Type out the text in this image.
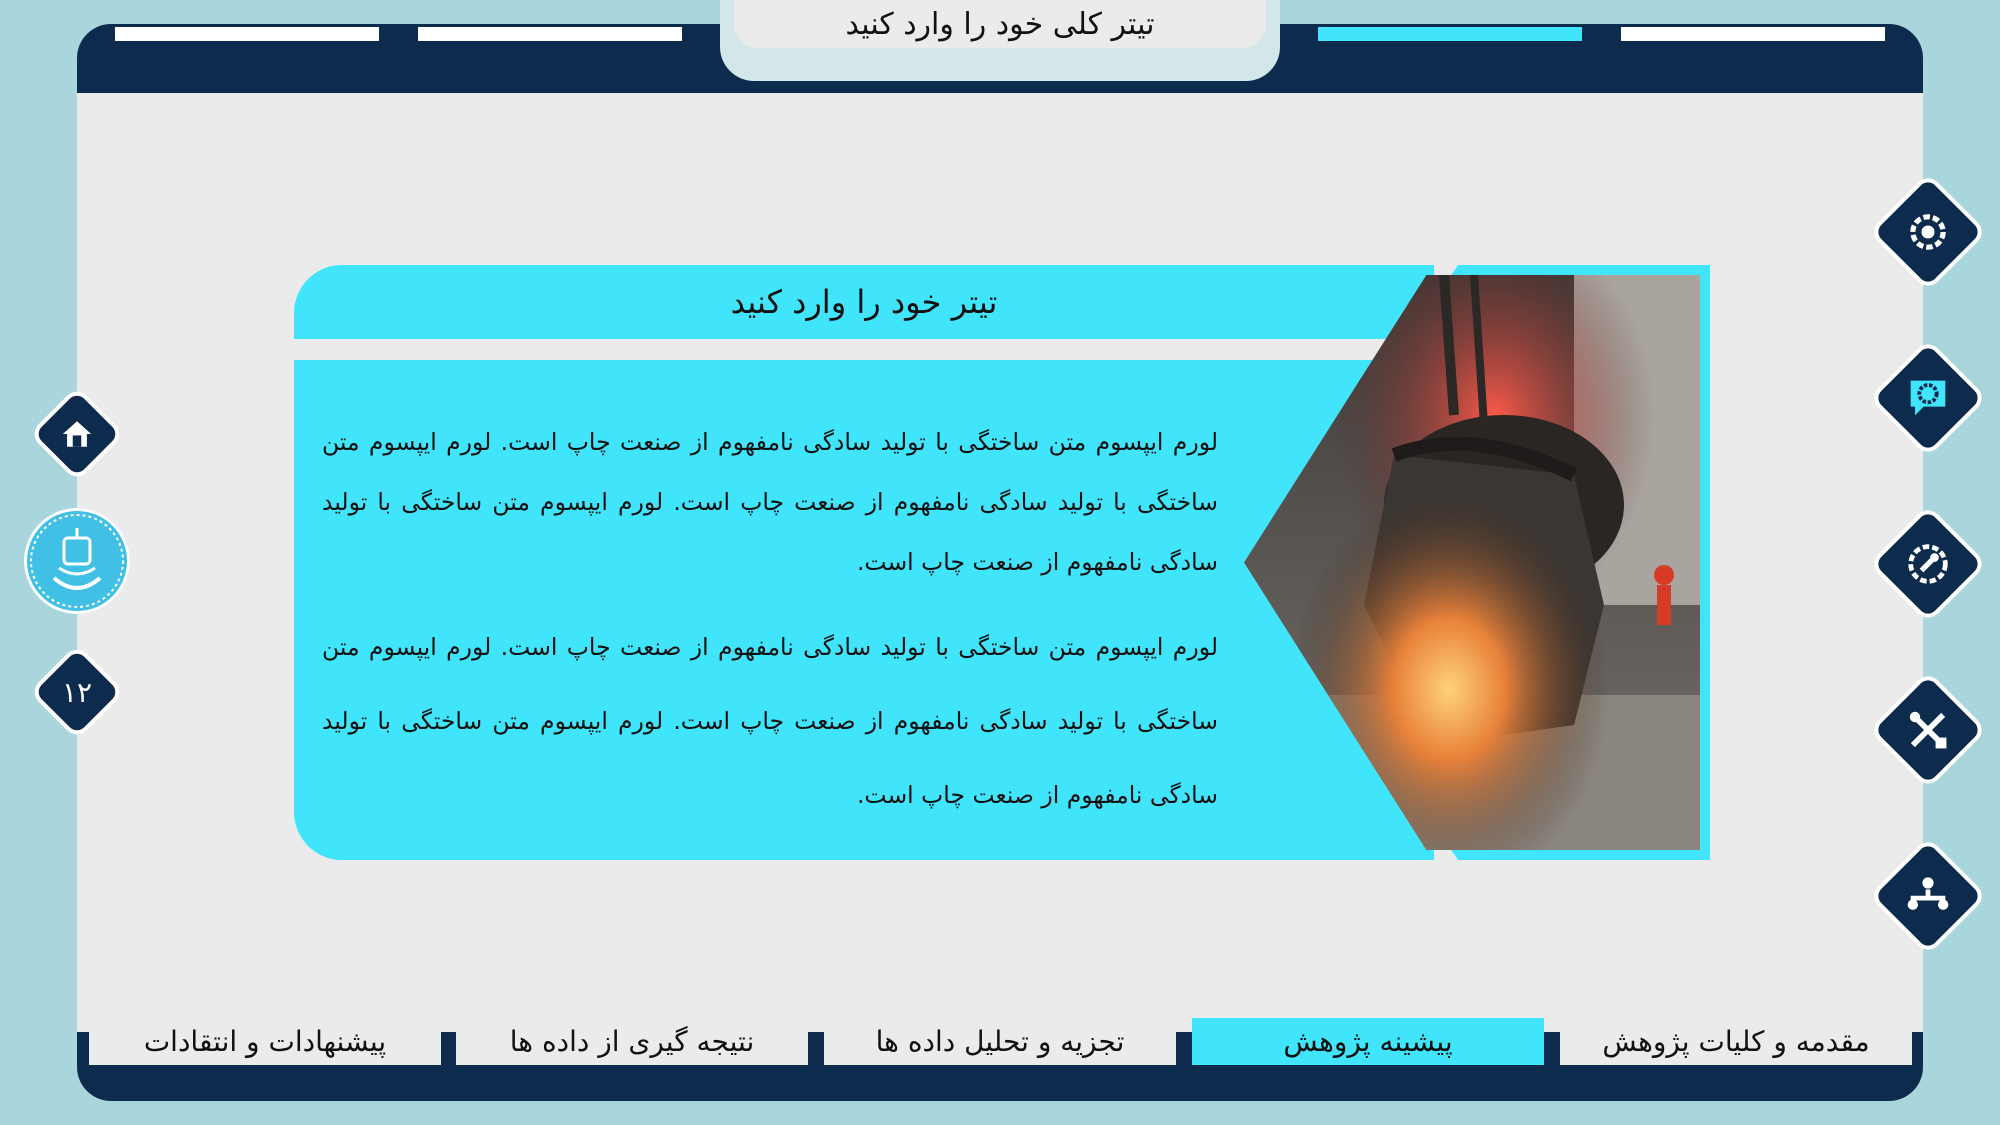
تیتر کلی خود را وارد کنید
تیتر خود را وارد کنید

لورم ایپسوم متن ساختگی با تولید سادگی نامفهوم از صنعت چاپ است. لورم ایپسوم متن ساختگی با تولید سادگی نامفهوم از صنعت چاپ است. لورم ایپسوم متن ساختگی با تولید سادگی نامفهوم از صنعت چاپ است.

لورم ایپسوم متن ساختگی با تولید سادگی نامفهوم از صنعت چاپ است. لورم ایپسوم متن ساختگی با تولید سادگی نامفهوم از صنعت چاپ است. لورم ایپسوم متن ساختگی با تولید سادگی نامفهوم از صنعت چاپ است.

مقدمه و کلیات پژوهش
پیشینه پژوهش
تجزیه و تحلیل داده ها
نتیجه گیری از داده ها
پیشنهادات و انتقادات
۱۲
